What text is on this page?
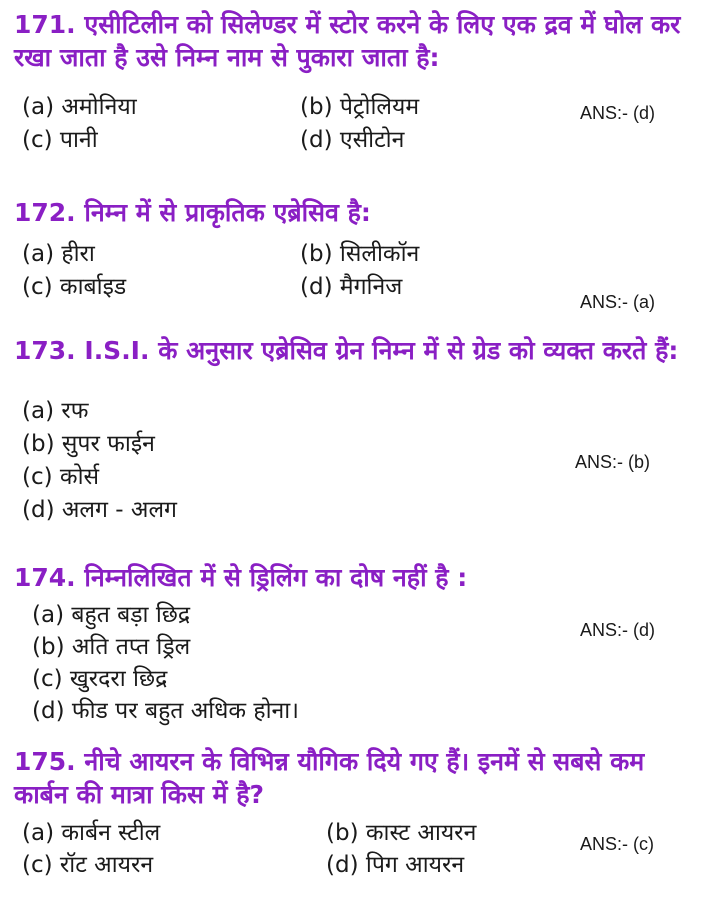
171. एसीटिलीन को सिलेण्डर में स्टोर करने के लिए एक द्रव में घोल कर रखा जाता है उसे निम्न नाम से पुकारा जाता है:

(a) अमोनिया	(b) पेट्रोलियम	ANS:- (d)
(c) पानी	(d) एसीटोन

172. निम्न में से प्राकृतिक एब्रेसिव है:

(a) हीरा	(b) सिलीकॉन
(c) कार्बाइड	(d) मैगनिज
ANS:- (a)

173. I.S.I. के अनुसार एब्रेसिव ग्रेन निम्न में से ग्रेड को व्यक्त करते हैं:

(a) रफ
(b) सुपर फाईन
ANS:- (b)
(c) कोर्स
(d) अलग - अलग

174. निम्नलिखित में से ड्रिलिंग का दोष नहीं है :

(a) बहुत बड़ा छिद्र
ANS:- (d)
(b) अति तप्त ड्रिल
(c) खुरदरा छिद्र
(d) फीड पर बहुत अधिक होना।

175. नीचे आयरन के विभिन्न यौगिक दिये गए हैं। इनमें से सबसे कम कार्बन की मात्रा किस में है?

(a) कार्बन स्टील	(b) कास्ट आयरन	ANS:- (c)
(c) रॉट आयरन	(d) पिग आयरन
